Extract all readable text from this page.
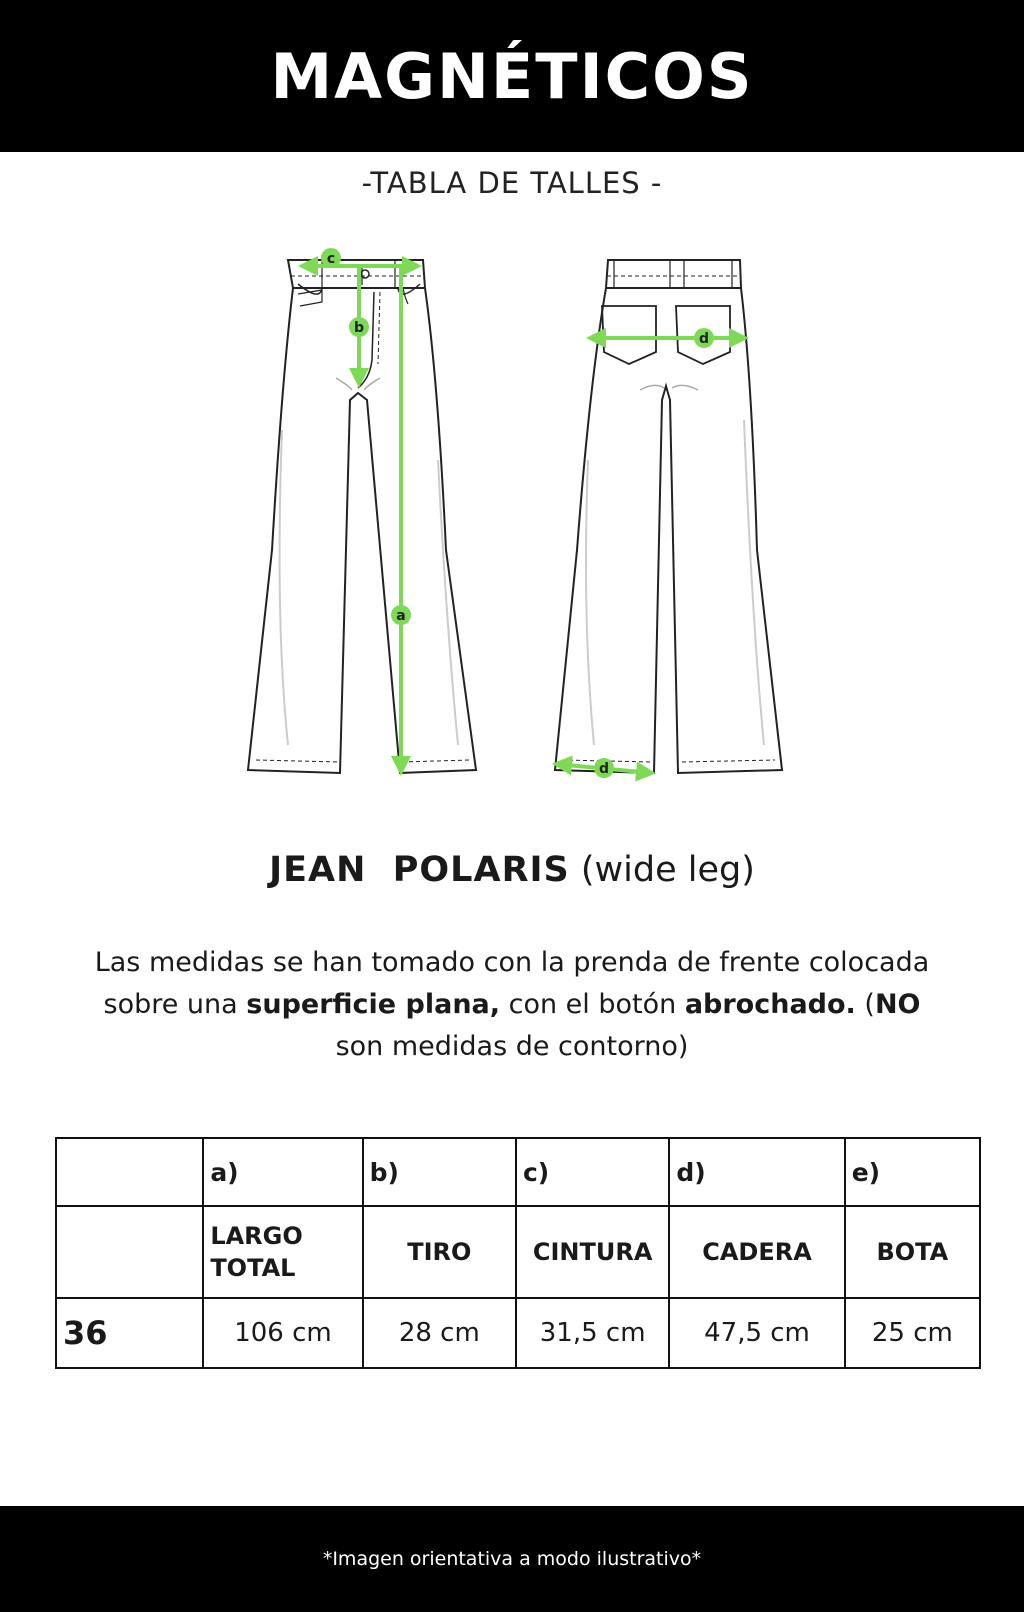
MAGNÉTICOS
-TABLA DE TALLES -
c
b
a
d
d
JEAN  POLARIS (wide leg)
Las medidas se han tomado con la prenda de frente colocada sobre una superficie plana, con el botón abrochado. (NO son medidas de contorno)
	a)	b)	c)	d)	e)
	LARGO TOTAL	TIRO	CINTURA	CADERA	BOTA
36	106 cm	28 cm	31,5 cm	47,5 cm	25 cm
*Imagen orientativa a modo ilustrativo*
